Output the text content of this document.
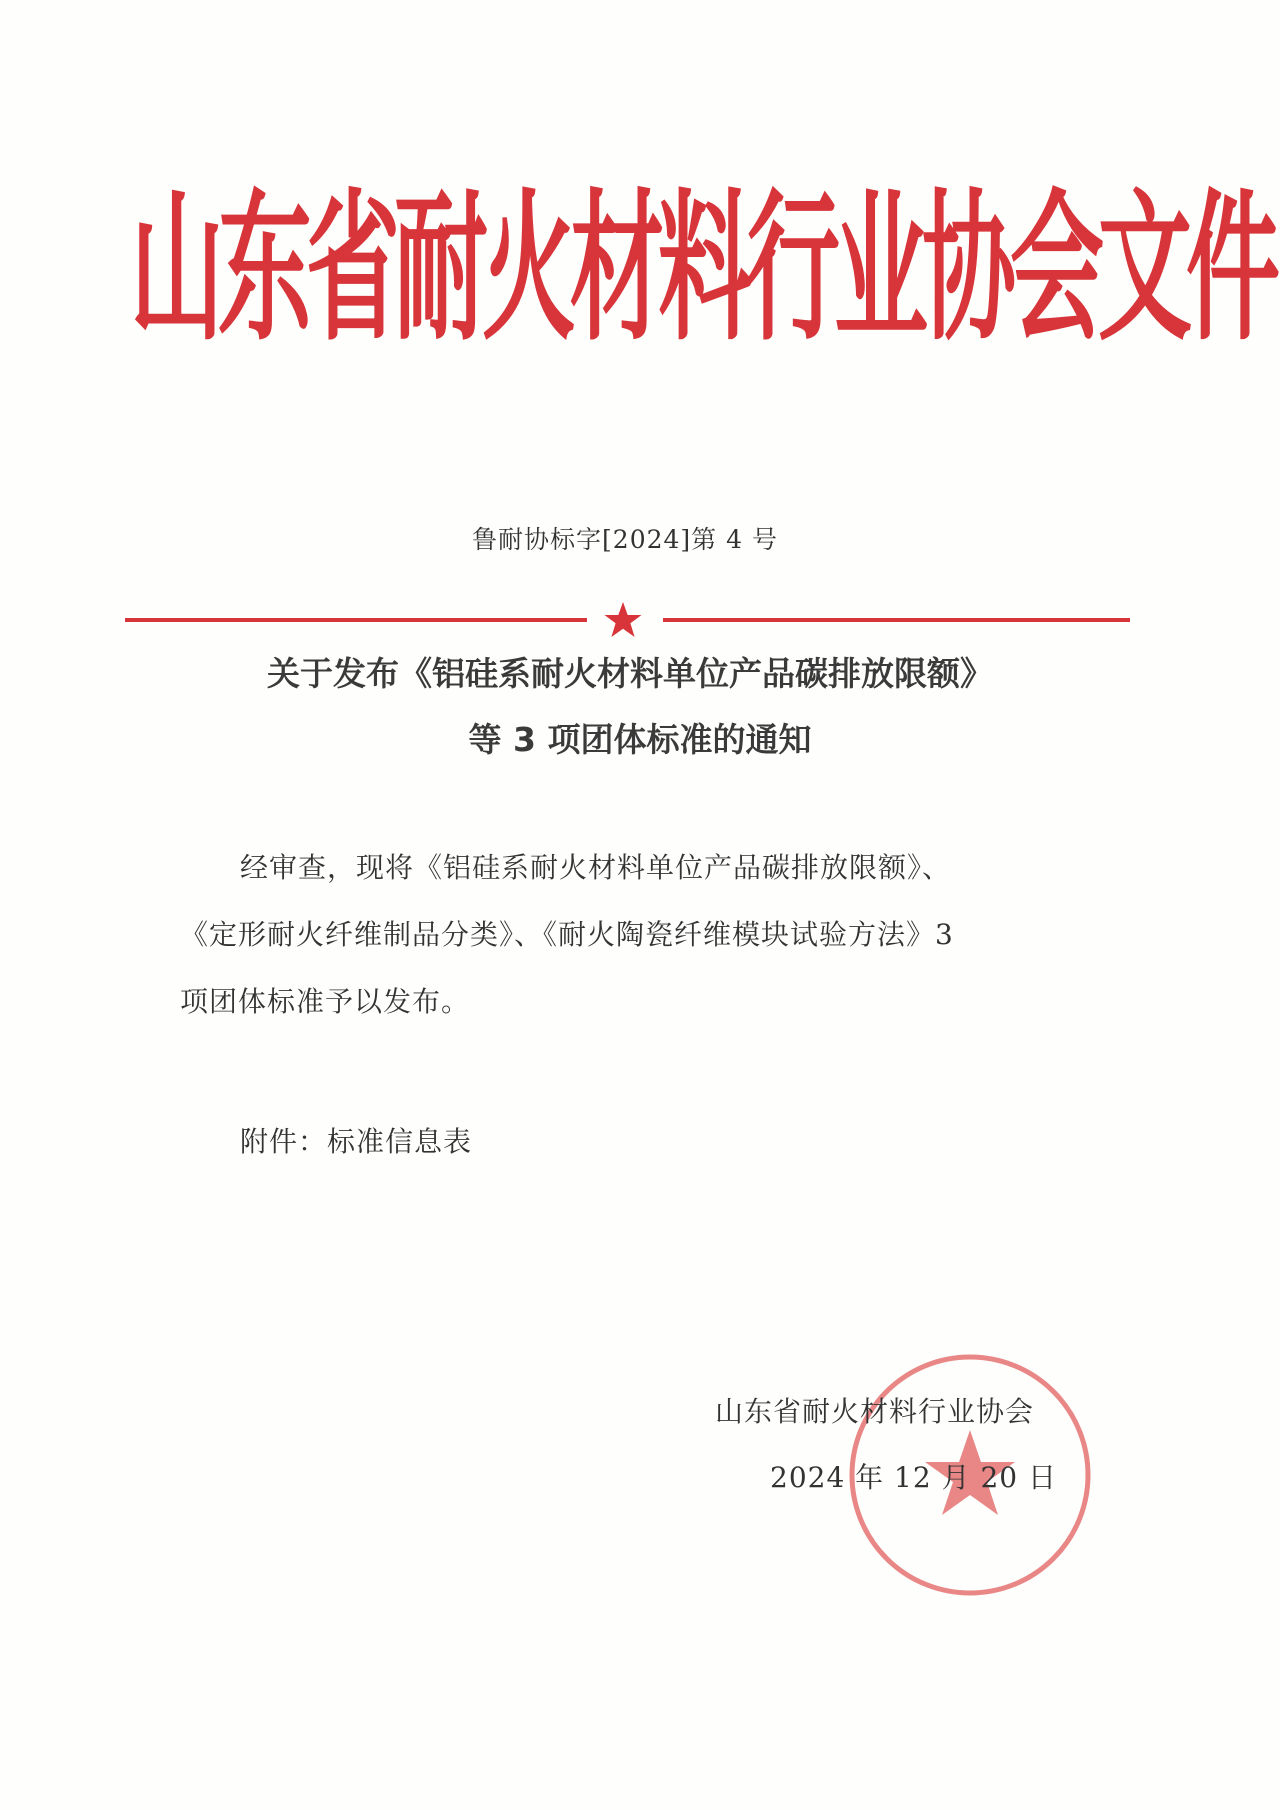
山东省耐火材料行业协会文件
鲁耐协标字[2024]第 4 号
关于发布《铝硅系耐火材料单位产品碳排放限额》
等 3 项团体标准的通知
经审查，现将《铝硅系耐火材料单位产品碳排放限额》、
《定形耐火纤维制品分类》、《耐火陶瓷纤维模块试验方法》3
项团体标准予以发布。
附件：标准信息表
山东省耐火材料行业协会
2024 年 12 月 20 日
